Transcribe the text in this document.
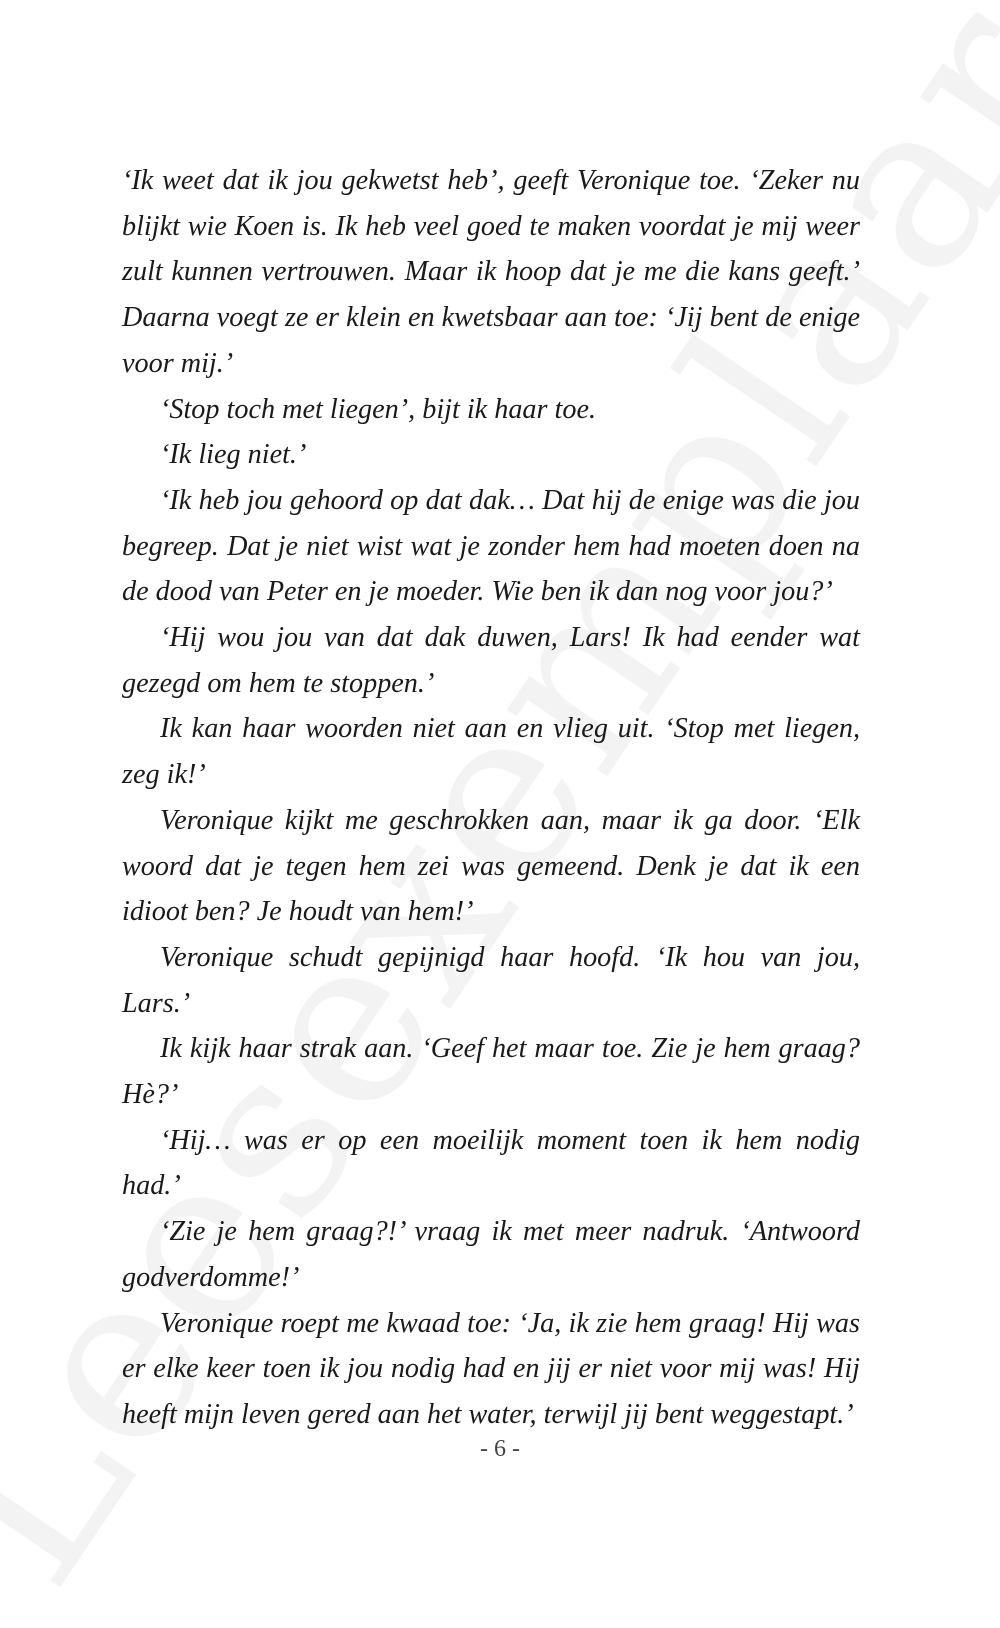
‘Ik weet dat ik jou gekwetst heb’, geeft Veronique toe. ‘Zeker nu blijkt wie Koen is. Ik heb veel goed te maken voordat je mij weer zult kunnen vertrouwen. Maar ik hoop dat je me die kans geeft.’ Daarna voegt ze er klein en kwetsbaar aan toe: ‘Jij bent de enige voor mij.’

‘Stop toch met liegen’, bijt ik haar toe.

‘Ik lieg niet.’

‘Ik heb jou gehoord op dat dak… Dat hij de enige was die jou begreep. Dat je niet wist wat je zonder hem had moeten doen na de dood van Peter en je moeder. Wie ben ik dan nog voor jou?’

‘Hij wou jou van dat dak duwen, Lars! Ik had eender wat gezegd om hem te stoppen.’

Ik kan haar woorden niet aan en vlieg uit. ‘Stop met liegen, zeg ik!’

Veronique kijkt me geschrokken aan, maar ik ga door. ‘Elk woord dat je tegen hem zei was gemeend. Denk je dat ik een idioot ben? Je houdt van hem!’

Veronique schudt gepijnigd haar hoofd. ‘Ik hou van jou, Lars.’

Ik kijk haar strak aan. ‘Geef het maar toe. Zie je hem graag? Hè?’

‘Hij… was er op een moeilijk moment toen ik hem nodig had.’

‘Zie je hem graag?!’ vraag ik met meer nadruk. ‘Antwoord godverdomme!’

Veronique roept me kwaad toe: ‘Ja, ik zie hem graag! Hij was er elke keer toen ik jou nodig had en jij er niet voor mij was! Hij heeft mijn leven gered aan het water, terwijl jij bent weggestapt.’

- 6 -
